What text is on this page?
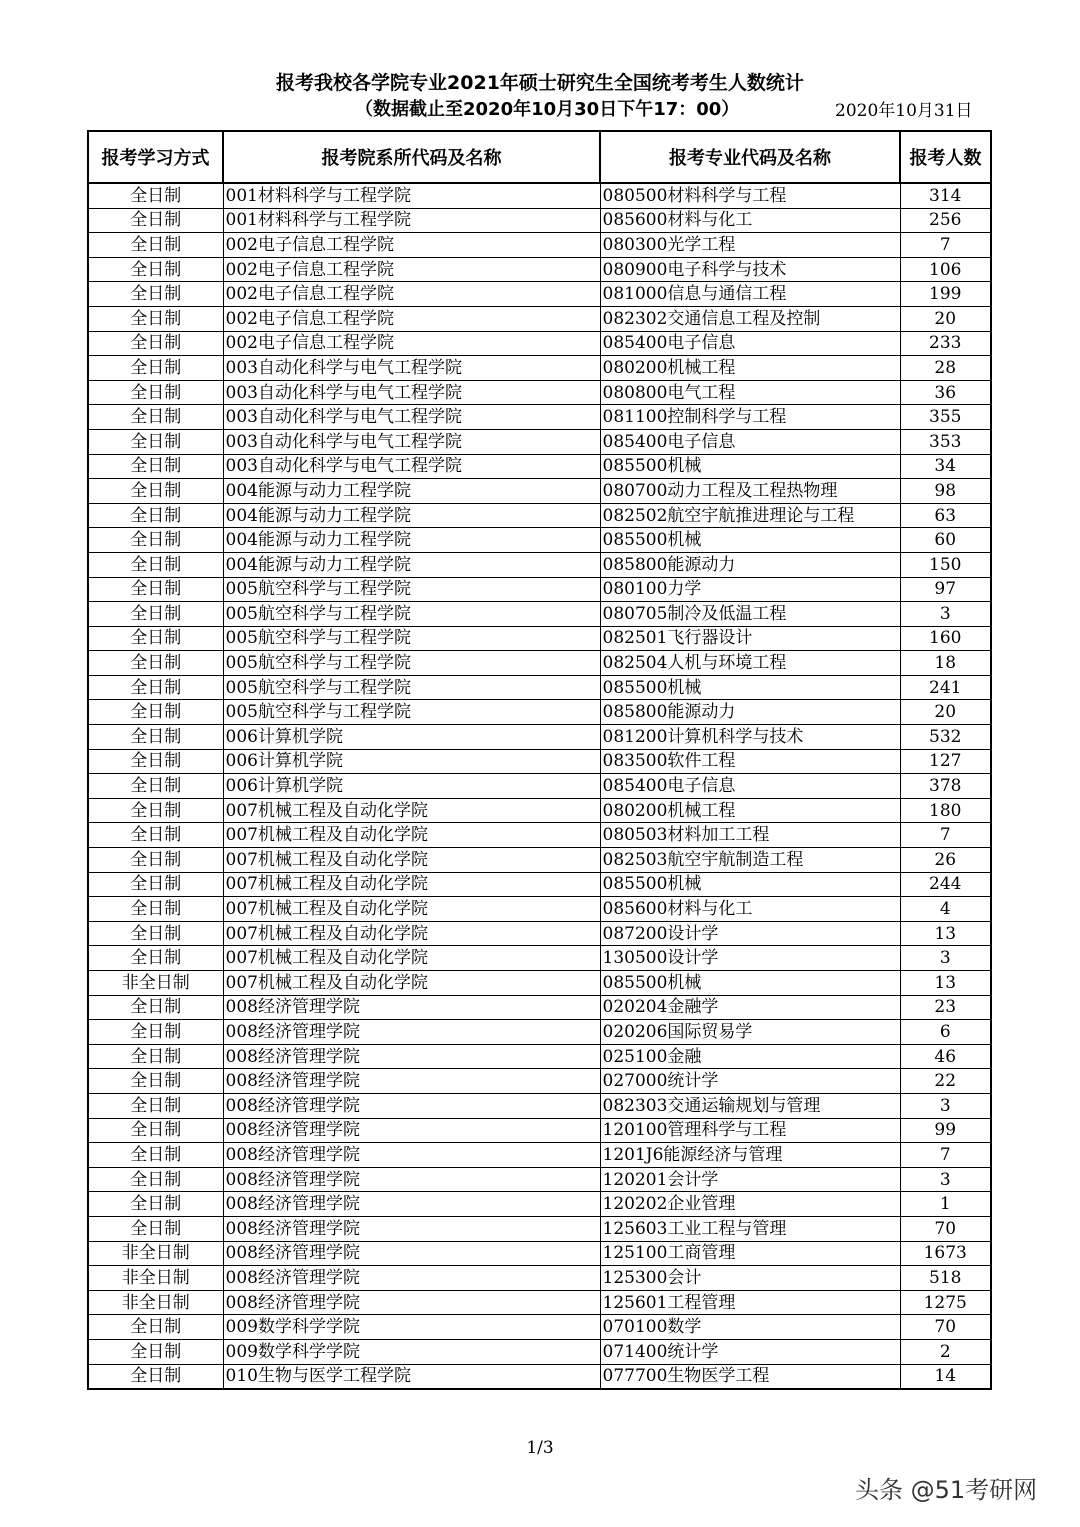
报考我校各学院专业2021年硕士研究生全国统考考生人数统计
（数据截止至2020年10月30日下午17：00）	2020年10月31日
报考学习方式	报考院系所代码及名称	报考专业代码及名称	报考人数
全日制	001材料科学与工程学院	080500材料科学与工程	314
全日制	001材料科学与工程学院	085600材料与化工	256
全日制	002电子信息工程学院	080300光学工程	7
全日制	002电子信息工程学院	080900电子科学与技术	106
全日制	002电子信息工程学院	081000信息与通信工程	199
全日制	002电子信息工程学院	082302交通信息工程及控制	20
全日制	002电子信息工程学院	085400电子信息	233
全日制	003自动化科学与电气工程学院	080200机械工程	28
全日制	003自动化科学与电气工程学院	080800电气工程	36
全日制	003自动化科学与电气工程学院	081100控制科学与工程	355
全日制	003自动化科学与电气工程学院	085400电子信息	353
全日制	003自动化科学与电气工程学院	085500机械	34
全日制	004能源与动力工程学院	080700动力工程及工程热物理	98
全日制	004能源与动力工程学院	082502航空宇航推进理论与工程	63
全日制	004能源与动力工程学院	085500机械	60
全日制	004能源与动力工程学院	085800能源动力	150
全日制	005航空科学与工程学院	080100力学	97
全日制	005航空科学与工程学院	080705制冷及低温工程	3
全日制	005航空科学与工程学院	082501飞行器设计	160
全日制	005航空科学与工程学院	082504人机与环境工程	18
全日制	005航空科学与工程学院	085500机械	241
全日制	005航空科学与工程学院	085800能源动力	20
全日制	006计算机学院	081200计算机科学与技术	532
全日制	006计算机学院	083500软件工程	127
全日制	006计算机学院	085400电子信息	378
全日制	007机械工程及自动化学院	080200机械工程	180
全日制	007机械工程及自动化学院	080503材料加工工程	7
全日制	007机械工程及自动化学院	082503航空宇航制造工程	26
全日制	007机械工程及自动化学院	085500机械	244
全日制	007机械工程及自动化学院	085600材料与化工	4
全日制	007机械工程及自动化学院	087200设计学	13
全日制	007机械工程及自动化学院	130500设计学	3
非全日制	007机械工程及自动化学院	085500机械	13
全日制	008经济管理学院	020204金融学	23
全日制	008经济管理学院	020206国际贸易学	6
全日制	008经济管理学院	025100金融	46
全日制	008经济管理学院	027000统计学	22
全日制	008经济管理学院	082303交通运输规划与管理	3
全日制	008经济管理学院	120100管理科学与工程	99
全日制	008经济管理学院	1201J6能源经济与管理	7
全日制	008经济管理学院	120201会计学	3
全日制	008经济管理学院	120202企业管理	1
全日制	008经济管理学院	125603工业工程与管理	70
非全日制	008经济管理学院	125100工商管理	1673
非全日制	008经济管理学院	125300会计	518
非全日制	008经济管理学院	125601工程管理	1275
全日制	009数学科学学院	070100数学	70
全日制	009数学科学学院	071400统计学	2
全日制	010生物与医学工程学院	077700生物医学工程	14
1/3
头条 @51考研网
